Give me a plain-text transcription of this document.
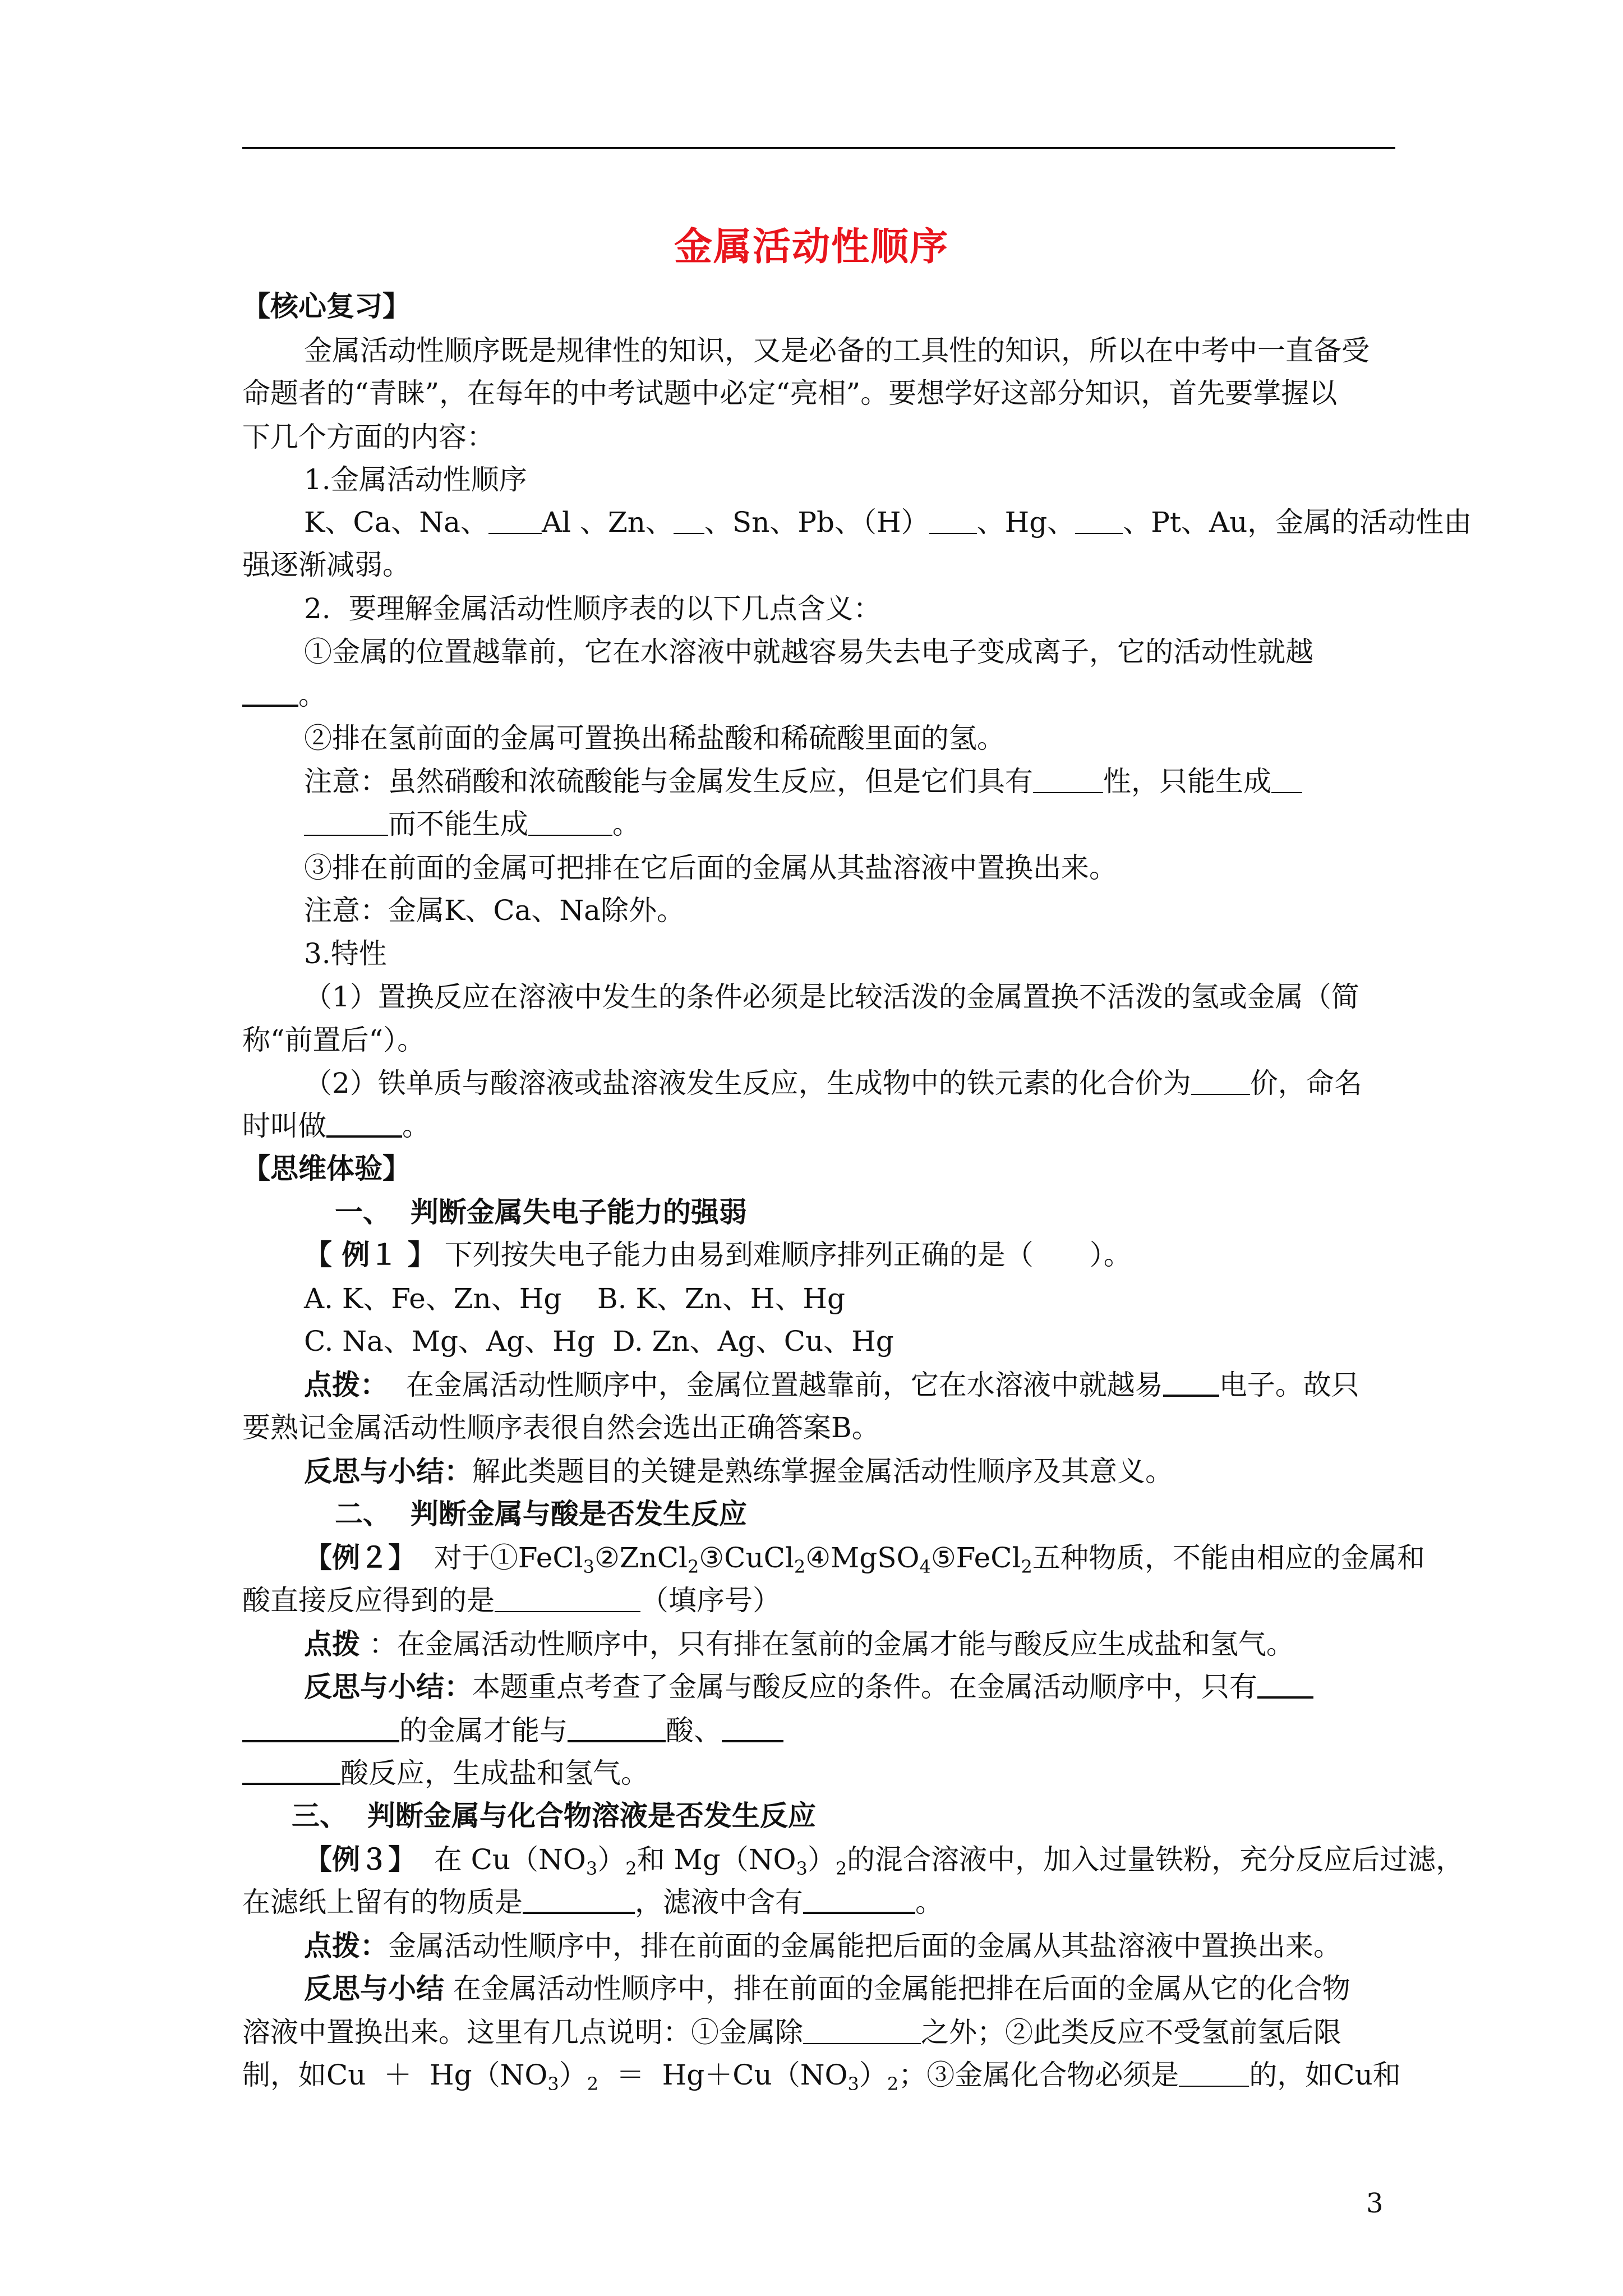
金属活动性顺序
【核心复习】
金属活动性顺序既是规律性的知识，又是必备的工具性的知识，所以在中考中一直备受
命题者的“青睐”，在每年的中考试题中必定“亮相”。要想学好这部分知识，首先要掌握以
下几个方面的内容：
1.金属活动性顺序
K、Ca、Na、 Al 、Zn、 、Sn、Pb、（H） 、Hg、 、Pt、Au，金属的活动性由
强逐渐减弱。
2.  要理解金属活动性顺序表的以下几点含义：
①金属的位置越靠前，它在水溶液中就越容易失去电子变成离子，它的活动性就越
。
②排在氢前面的金属可置换出稀盐酸和稀硫酸里面的氢。
注意：虽然硝酸和浓硫酸能与金属发生反应，但是它们具有	性，只能生成
而不能生成	。
③排在前面的金属可把排在它后面的金属从其盐溶液中置换出来。
注意：金属K、Ca、Na除外。
3.特性
（1）置换反应在溶液中发生的条件必须是比较活泼的金属置换不活泼的氢或金属（简
称“前置后“）。
（2）铁单质与酸溶液或盐溶液发生反应，生成物中的铁元素的化合价为 价，命名
时叫做	。
【思维体验】
一、  判断金属失电子能力的强弱
【 例１ 】 下列按失电子能力由易到难顺序排列正确的是（　　）。
A. K、Fe、Zn、Hg    B. K、Zn、H、Hg
C. Na、Mg、Ag、Hg  D. Zn、Ag、Cu、Hg
点拨：  在金属活动性顺序中，金属位置越靠前，它在水溶液中就越易 电子。故只
要熟记金属活动性顺序表很自然会选出正确答案B。
反思与小结：解此类题目的关键是熟练掌握金属活动性顺序及其意义。
二、  判断金属与酸是否发生反应
【例２】  对于①FeCl$_3$②ZnCl$_2$③CuCl$_2$④MgSO$_4$⑤FeCl$_2$五种物质，不能由相应的金属和
酸直接反应得到的是	（填序号）
点拨 ：在金属活动性顺序中，只有排在氢前的金属才能与酸反应生成盐和氢气。
反思与小结：本题重点考查了金属与酸反应的条件。在金属活动顺序中，只有
的金属才能与	酸、
酸反应，生成盐和氢气。
三、  判断金属与化合物溶液是否发生反应
【例３】  在 $Cu(NO_3)_2$和 $Mg(NO_3)_2$的混合溶液中，加入过量铁粉，充分反应后过滤，
在滤纸上留有的物质是	，滤液中含有	。
点拨：金属活动性顺序中，排在前面的金属能把后面的金属从其盐溶液中置换出来。
反思与小结 在金属活动性顺序中，排在前面的金属能把排在后面的金属从它的化合物
溶液中置换出来。这里有几点说明：①金属除	之外；②此类反应不受氢前氢后限
制，如$Cu + Hg(NO_3)_2 = Hg+Cu(NO_3)_2$；③金属化合物必须是	的，如Cu和
3
